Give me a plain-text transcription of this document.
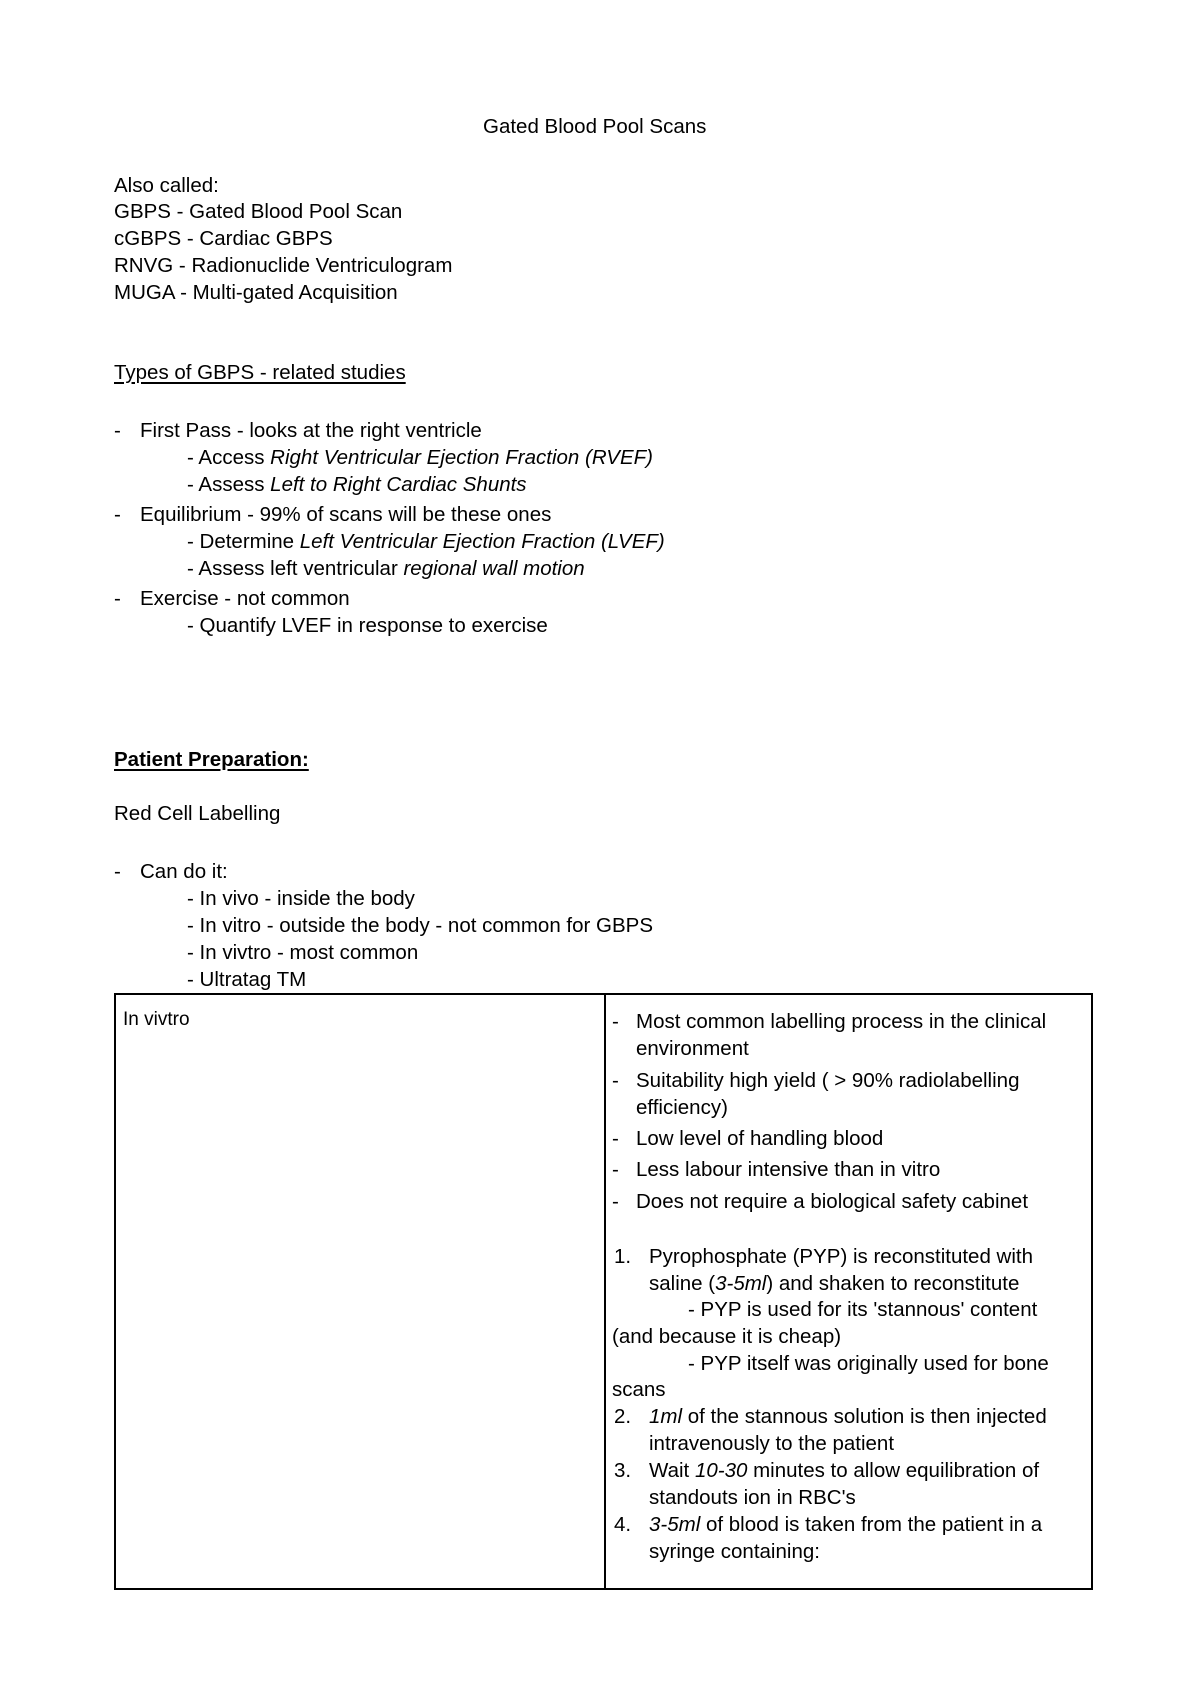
Gated Blood Pool Scans
Also called:
GBPS - Gated Blood Pool Scan
cGBPS - Cardiac GBPS
RNVG - Radionuclide Ventriculogram
MUGA - Multi-gated Acquisition
Types of GBPS - related studies
- First Pass - looks at the right ventricle
- Access Right Ventricular Ejection Fraction (RVEF)
- Assess Left to Right Cardiac Shunts
- Equilibrium - 99% of scans will be these ones
- Determine Left Ventricular Ejection Fraction (LVEF)
- Assess left ventricular regional wall motion
- Exercise - not common
- Quantify LVEF in response to exercise
Patient Preparation:
Red Cell Labelling
- Can do it:
- In vivo - inside the body
- In vitro - outside the body - not common for GBPS
- In vivtro - most common
- Ultratag TM
In vivtro	- Most common labelling process in the clinical
environment
- Suitability high yield ( > 90% radiolabelling
efficiency)
- Low level of handling blood
- Less labour intensive than in vitro
- Does not require a biological safety cabinet
1. Pyrophosphate (PYP) is reconstituted with
saline (3-5ml) and shaken to reconstitute
- PYP is used for its 'stannous' content
(and because it is cheap)
- PYP itself was originally used for bone
scans
2. 1ml of the stannous solution is then injected
intravenously to the patient
3. Wait 10-30 minutes to allow equilibration of
standouts ion in RBC's
4. 3-5ml of blood is taken from the patient in a
syringe containing:
